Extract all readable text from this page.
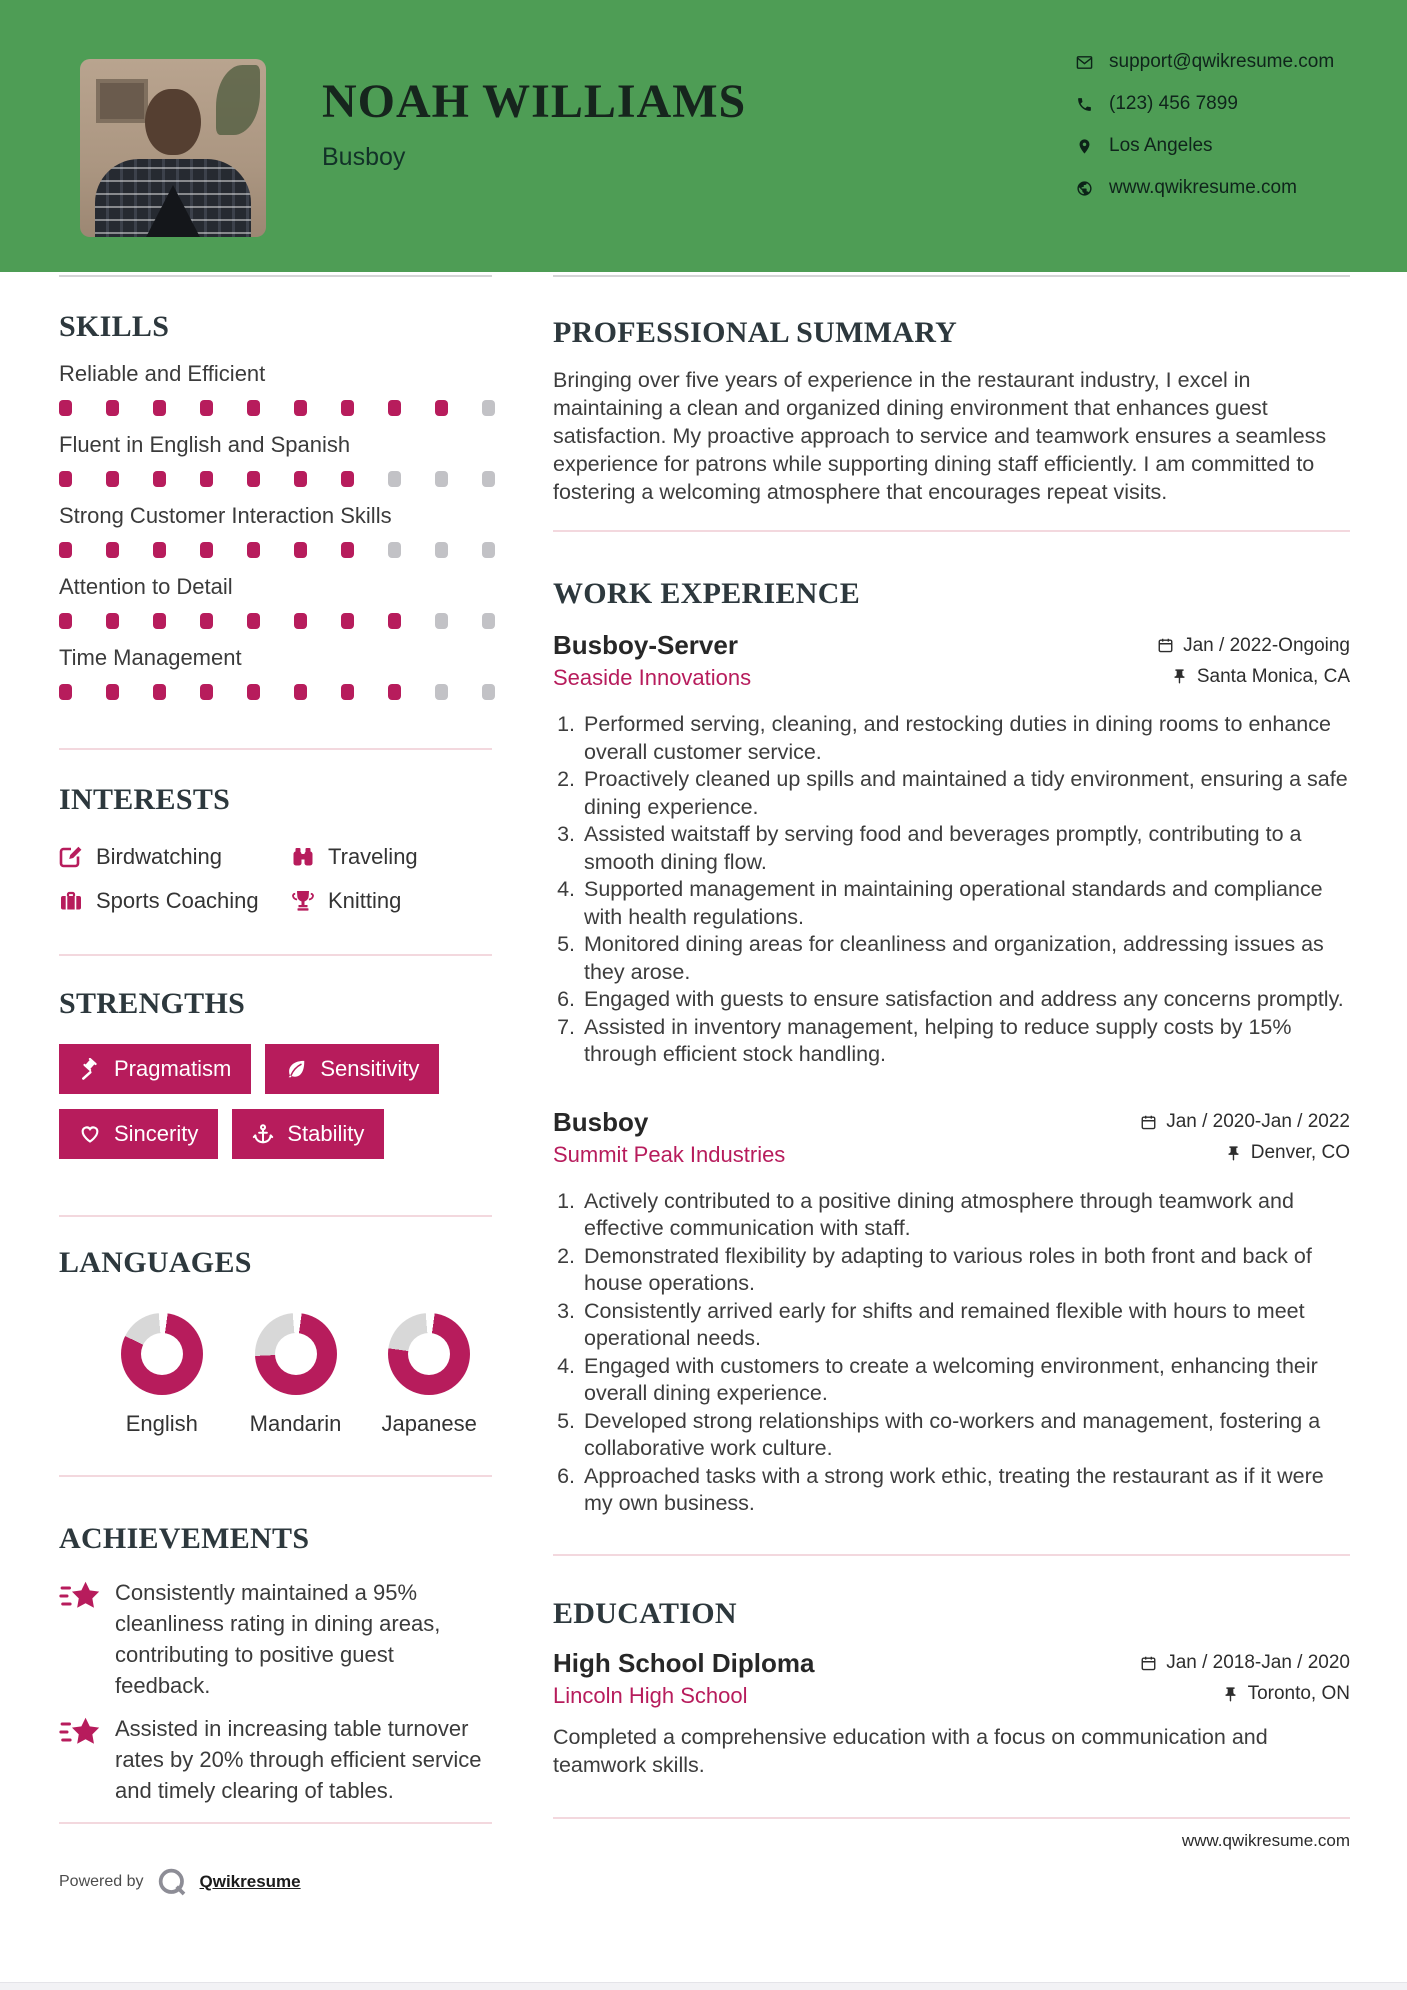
NOAH WILLIAMS
Busboy
support@qwikresume.com
(123) 456 7899
Los Angeles
www.qwikresume.com
SKILLS
Reliable and Efficient
Fluent in English and Spanish
Strong Customer Interaction Skills
Attention to Detail
Time Management
INTERESTS
Birdwatching	Traveling
Sports Coaching	Knitting
STRENGTHS
Pragmatism	Sensitivity
Sincerity	Stability
LANGUAGES
English Mandarin Japanese
ACHIEVEMENTS
Consistently maintained a 95% cleanliness rating in dining areas, contributing to positive guest feedback.
Assisted in increasing table turnover rates by 20% through efficient service and timely clearing of tables.
Powered by	Qwikresume
PROFESSIONAL SUMMARY

Bringing over five years of experience in the restaurant industry, I excel in maintaining a clean and organized dining environment that enhances guest satisfaction. My proactive approach to service and teamwork ensures a seamless experience for patrons while supporting dining staff efficiently. I am committed to fostering a welcoming atmosphere that encourages repeat visits.

WORK EXPERIENCE
Busboy-Server	Jan / 2022-Ongoing
Seaside Innovations	Santa Monica, CA
1. Performed serving, cleaning, and restocking duties in dining rooms to enhance overall customer service.
2. Proactively cleaned up spills and maintained a tidy environment, ensuring a safe dining experience.
3. Assisted waitstaff by serving food and beverages promptly, contributing to a smooth dining flow.
4. Supported management in maintaining operational standards and compliance with health regulations.
5. Monitored dining areas for cleanliness and organization, addressing issues as they arose.
6. Engaged with guests to ensure satisfaction and address any concerns promptly.
7. Assisted in inventory management, helping to reduce supply costs by 15% through efficient stock handling.
Busboy	Jan / 2020-Jan / 2022
Summit Peak Industries	Denver, CO
1. Actively contributed to a positive dining atmosphere through teamwork and effective communication with staff.
2. Demonstrated flexibility by adapting to various roles in both front and back of house operations.
3. Consistently arrived early for shifts and remained flexible with hours to meet operational needs.
4. Engaged with customers to create a welcoming environment, enhancing their overall dining experience.
5. Developed strong relationships with co-workers and management, fostering a collaborative work culture.
6. Approached tasks with a strong work ethic, treating the restaurant as if it were my own business.
EDUCATION
High School Diploma	Jan / 2018-Jan / 2020
Lincoln High School	Toronto, ON

Completed a comprehensive education with a focus on communication and teamwork skills.

www.qwikresume.com
